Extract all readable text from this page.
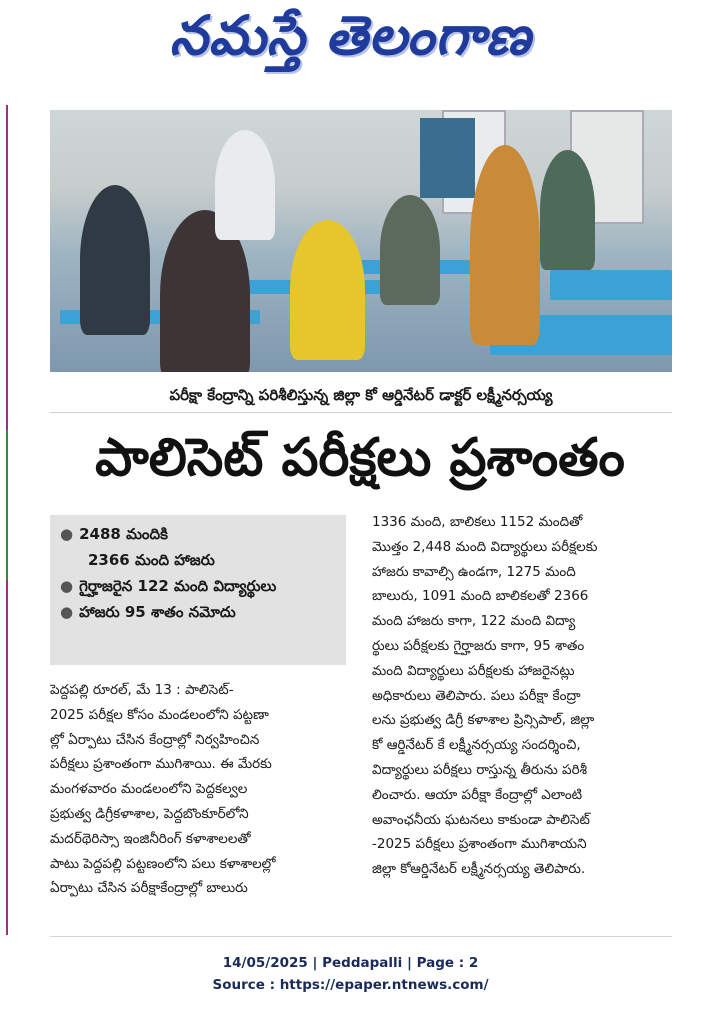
నమస్తే తెలంగాణ
పరీక్షా కేంద్రాన్ని పరిశీలిస్తున్న జిల్లా కో ఆర్డినేటర్ డాక్టర్ లక్ష్మీనర్సయ్య
పాలిసెట్ పరీక్షలు ప్రశాంతం
● 2488 మందికి
2366 మంది హాజరు
● గైర్హాజరైన 122 మంది విద్యార్థులు
● హాజరు 95 శాతం నమోదు
1336 మంది, బాలికలు 1152 మందితో
మొత్తం 2,448 మంది విద్యార్థులు పరీక్షలకు
హాజరు కావాల్సి ఉండగా, 1275 మంది
బాలురు, 1091 మంది బాలికలతో 2366
మంది హాజరు కాగా, 122 మంది విద్యా
ర్థులు పరీక్షలకు గైర్హాజరు కాగా, 95 శాతం
మంది విద్యార్థులు పరీక్షలకు హాజరైనట్లు
అధికారులు తెలిపారు. పలు పరీక్షా కేంద్రా
లను ప్రభుత్వ డిగ్రీ కళాశాల ప్రిన్సిపాల్, జిల్లా
కో ఆర్డినేటర్ కే లక్ష్మీనర్సయ్య సందర్శించి,
విద్యార్థులు పరీక్షలు రాస్తున్న తీరును పరిశీ
లించారు. ఆయా పరీక్షా కేంద్రాల్లో ఎలాంటి
అవాంఛనీయ ఘటనలు కాకుండా పాలిసెట్
-2025 పరీక్షలు ప్రశాంతంగా ముగిశాయని
జిల్లా కోఆర్డినేటర్ లక్ష్మీనర్సయ్య తెలిపారు.
పెద్దపల్లి రూరల్, మే 13 : పాలిసెట్-
2025 పరీక్షల కోసం మండలంలోని పట్టణా
ల్లో ఏర్పాటు చేసిన కేంద్రాల్లో నిర్వహించిన
పరీక్షలు ప్రశాంతంగా ముగిశాయి. ఈ మేరకు
మంగళవారం మండలంలోని పెద్దకల్వల
ప్రభుత్వ డిగ్రీకళాశాల, పెద్దబొంకూర్‌లోని
మదర్‌థెరిస్సా ఇంజినీరింగ్ కళాశాలలతో
పాటు పెద్దపల్లి పట్టణంలోని పలు కళాశాలల్లో
ఏర్పాటు చేసిన పరీక్షాకేంద్రాల్లో బాలురు
14/05/2025 | Peddapalli | Page : 2
Source : https://epaper.ntnews.com/
